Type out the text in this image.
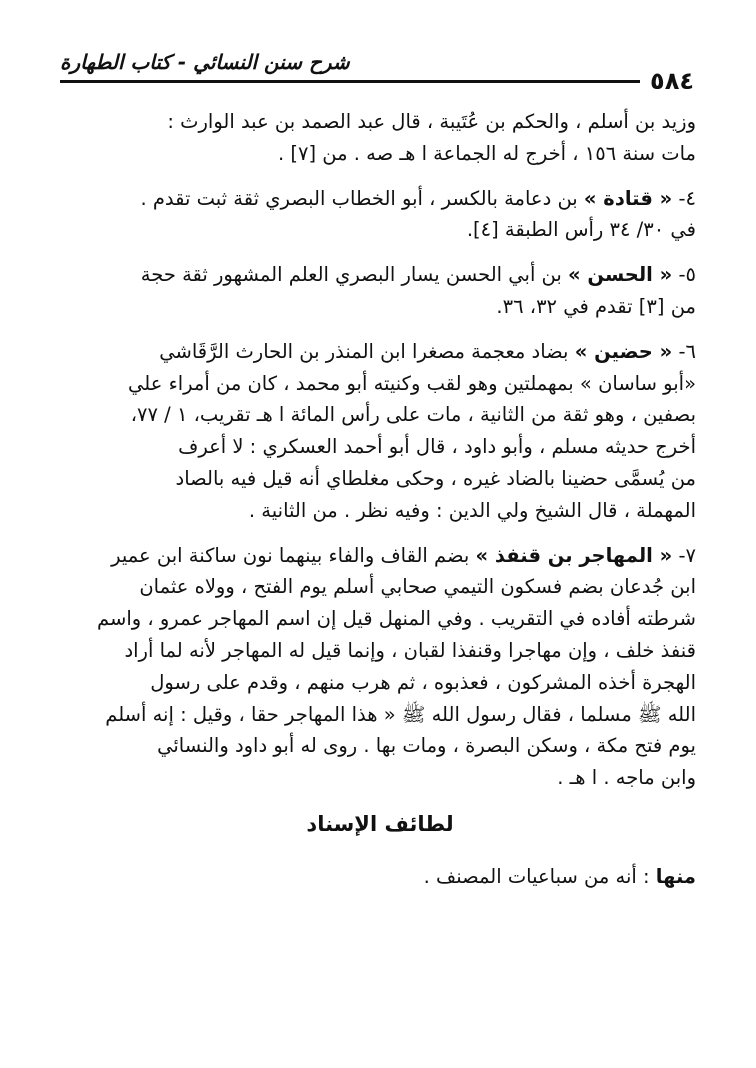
شرح سنن النسائي - كتاب الطهارة
٥٨٤
وزيد بن أسلم ، والحكم بن عُتَيبة ، قال عبد الصمد بن عبد الوارث :
مات سنة ١٥٦ ، أخرج له الجماعة ا هـ صه . من [٧] .
٤- « قتادة » بن دعامة بالكسر ، أبو الخطاب البصري ثقة ثبت تقدم .
في ٣٠/ ٣٤ رأس الطبقة [٤].
٥- « الحسن » بن أبي الحسن يسار البصري العلم المشهور ثقة حجة
من [٣] تقدم في ٣٢، ٣٦.
٦- « حضين » بضاد معجمة مصغرا ابن المنذر بن الحارث الرَّقَاشي
«أبو ساسان » بمهملتين وهو لقب وكنيته أبو محمد ، كان من أمراء علي
بصفين ، وهو ثقة من الثانية ، مات على رأس المائة ا هـ تقريب، ١ / ٧٧،
أخرج حديثه مسلم ، وأبو داود ، قال أبو أحمد العسكري : لا أعرف
من يُسمَّى حضينا بالضاد غيره ، وحكى مغلطاي أنه قيل فيه بالصاد
المهملة ، قال الشيخ ولي الدين : وفيه نظر . من الثانية .
٧- « المهاجر بن قنفذ » بضم القاف والفاء بينهما نون ساكنة ابن عمير
ابن جُدعان بضم فسكون التيمي صحابي أسلم يوم الفتح ، وولاه عثمان
شرطته أفاده في التقريب . وفي المنهل قيل إن اسم المهاجر عمرو ، واسم
قنفذ خلف ، وإن مهاجرا وقنفذا لقبان ، وإنما قيل له المهاجر لأنه لما أراد
الهجرة أخذه المشركون ، فعذبوه ، ثم هرب منهم ، وقدم على رسول
الله ﷺ مسلما ، فقال رسول الله ﷺ « هذا المهاجر حقا ، وقيل : إنه أسلم
يوم فتح مكة ، وسكن البصرة ، ومات بها . روى له أبو داود والنسائي
وابن ماجه . ا هـ .
لطائف الإسناد
منها : أنه من سباعيات المصنف .
